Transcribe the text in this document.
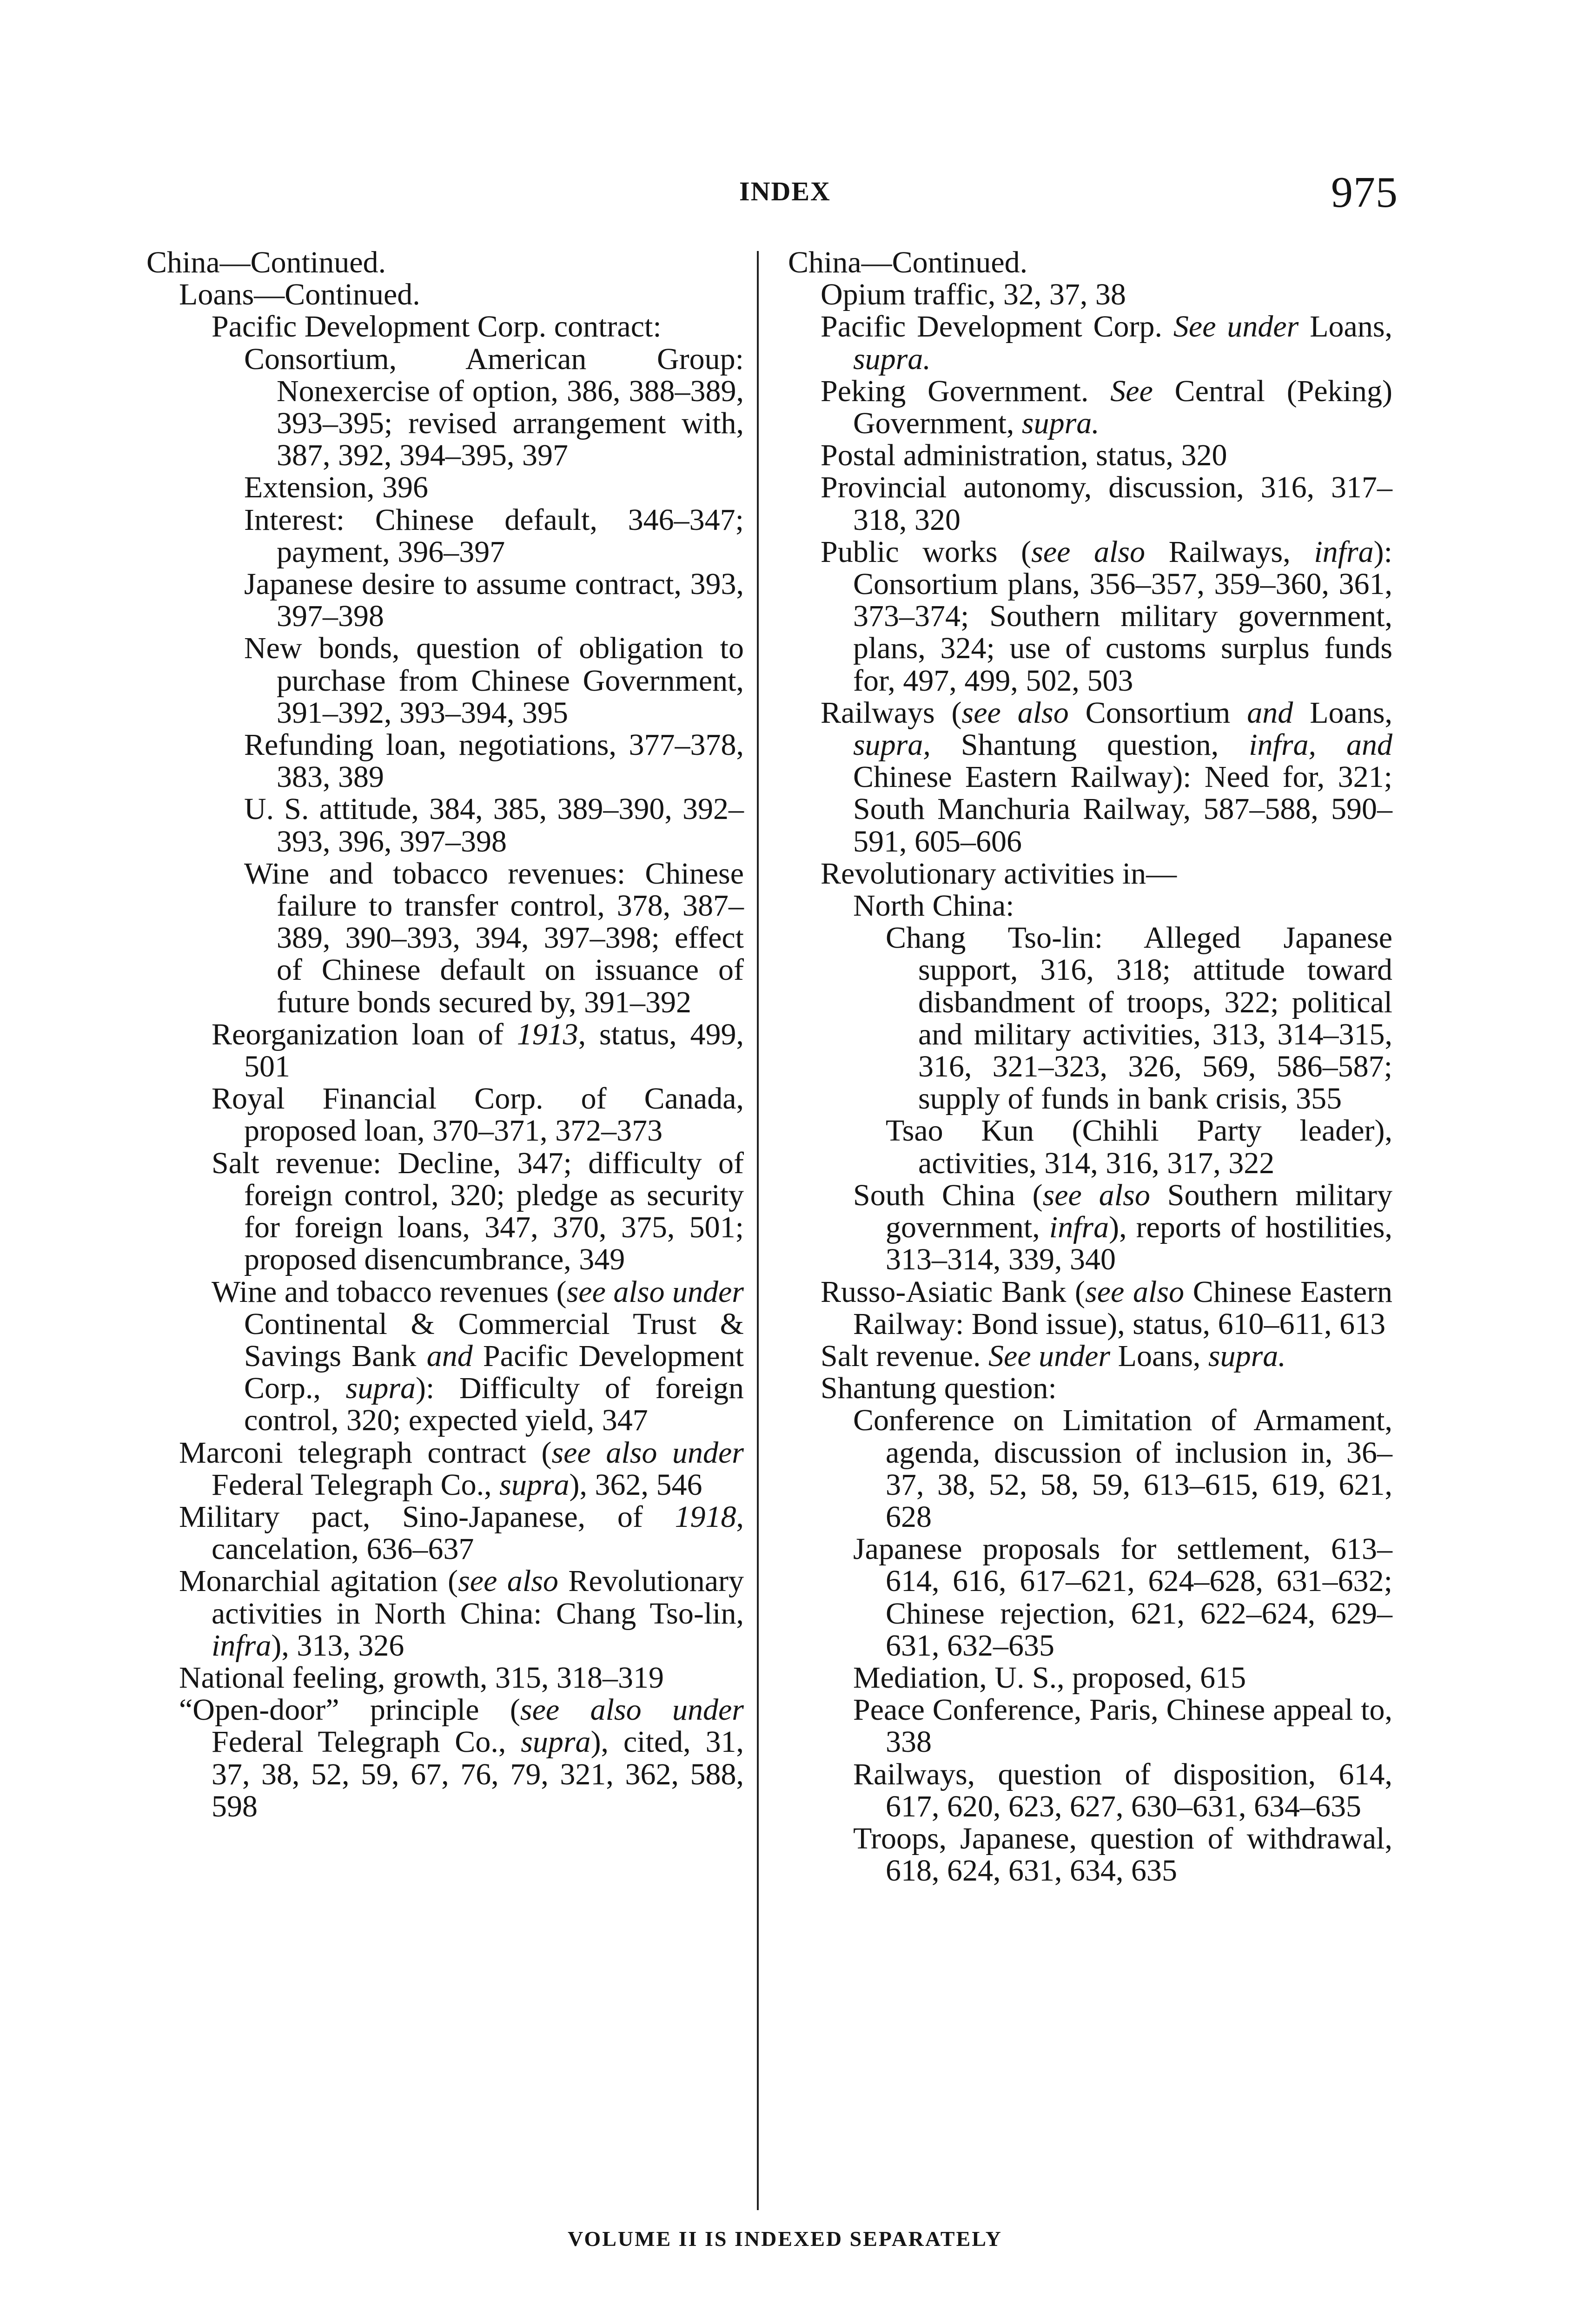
INDEX	975
China—Continued.
Loans—Continued.
Pacific Development Corp. contract:
Consortium, American Group: Nonexercise of option, 386, 388–389, 393–395; revised arrangement with, 387, 392, 394–395, 397
Extension, 396
Interest: Chinese default, 346–347; payment, 396–397
Japanese desire to assume contract, 393, 397–398
New bonds, question of obligation to purchase from Chinese Government, 391–392, 393–394, 395
Refunding loan, negotiations, 377–378, 383, 389
U. S. attitude, 384, 385, 389–390, 392–393, 396, 397–398
Wine and tobacco revenues: Chinese failure to transfer control, 378, 387–389, 390–393, 394, 397–398; effect of Chinese default on issuance of future bonds secured by, 391–392
Reorganization loan of 1913, status, 499, 501
Royal Financial Corp. of Canada, proposed loan, 370–371, 372–373
Salt revenue: Decline, 347; difficulty of foreign control, 320; pledge as security for foreign loans, 347, 370, 375, 501; proposed disencumbrance, 349
Wine and tobacco revenues (see also under Continental & Commercial Trust & Savings Bank and Pacific Development Corp., supra): Difficulty of foreign control, 320; expected yield, 347
Marconi telegraph contract (see also under Federal Telegraph Co., supra), 362, 546
Military pact, Sino-Japanese, of 1918, cancelation, 636–637
Monarchial agitation (see also Revolutionary activities in North China: Chang Tso-lin, infra), 313, 326
National feeling, growth, 315, 318–319
“Open-door” principle (see also under Federal Telegraph Co., supra), cited, 31, 37, 38, 52, 59, 67, 76, 79, 321, 362, 588, 598
China—Continued.
Opium traffic, 32, 37, 38
Pacific Development Corp. See under Loans, supra.
Peking Government. See Central (Peking) Government, supra.
Postal administration, status, 320
Provincial autonomy, discussion, 316, 317–318, 320
Public works (see also Railways, infra): Consortium plans, 356–357, 359–360, 361, 373–374; Southern military government, plans, 324; use of customs surplus funds for, 497, 499, 502, 503
Railways (see also Consortium and Loans, supra, Shantung question, infra, and Chinese Eastern Railway): Need for, 321; South Manchuria Railway, 587–588, 590–591, 605–606
Revolutionary activities in—
North China:
Chang Tso-lin: Alleged Japanese support, 316, 318; attitude toward disbandment of troops, 322; political and military activities, 313, 314–315, 316, 321–323, 326, 569, 586–587; supply of funds in bank crisis, 355
Tsao Kun (Chihli Party leader), activities, 314, 316, 317, 322
South China (see also Southern military government, infra), reports of hostilities, 313–314, 339, 340
Russo-Asiatic Bank (see also Chinese Eastern Railway: Bond issue), status, 610–611, 613
Salt revenue. See under Loans, supra.
Shantung question:
Conference on Limitation of Armament, agenda, discussion of inclusion in, 36–37, 38, 52, 58, 59, 613–615, 619, 621, 628
Japanese proposals for settlement, 613–614, 616, 617–621, 624–628, 631–632; Chinese rejection, 621, 622–624, 629–631, 632–635
Mediation, U. S., proposed, 615
Peace Conference, Paris, Chinese appeal to, 338
Railways, question of disposition, 614, 617, 620, 623, 627, 630–631, 634–635
Troops, Japanese, question of withdrawal, 618, 624, 631, 634, 635
VOLUME II IS INDEXED SEPARATELY
